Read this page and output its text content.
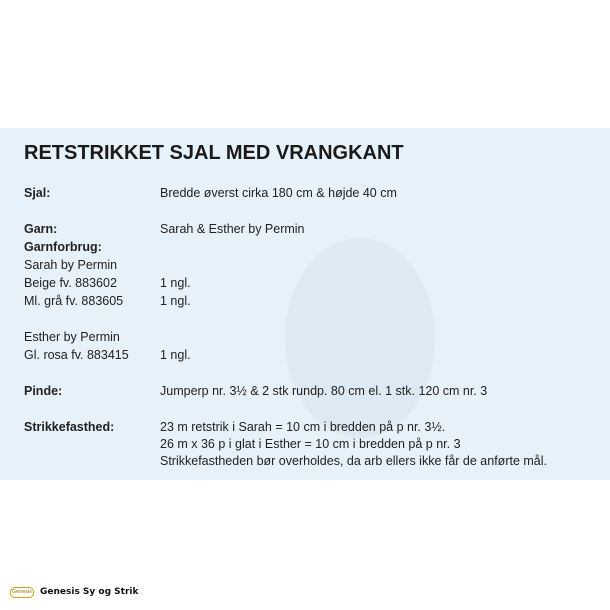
RETSTRIKKET SJAL MED VRANGKANT
Sjal:	Bredde øverst cirka 180 cm & højde 40 cm
Garn:	Sarah & Esther by Permin
Garnforbrug:
Sarah by Permin
Beige fv. 883602	1 ngl.
Ml. grå fv. 883605	1 ngl.
Esther by Permin
Gl. rosa fv. 883415	1 ngl.
Pinde:	Jumperp nr. 3½ & 2 stk rundp. 80 cm el. 1 stk. 120 cm nr. 3
Strikkefasthed:	23 m retstrik i Sarah = 10 cm i bredden på p nr. 3½.
26 m x 36 p i glat i Esther = 10 cm i bredden på p nr. 3
Strikkefastheden bør overholdes, da arb ellers ikke får de anførte mål.
Genesis Genesis Sy og Strik
